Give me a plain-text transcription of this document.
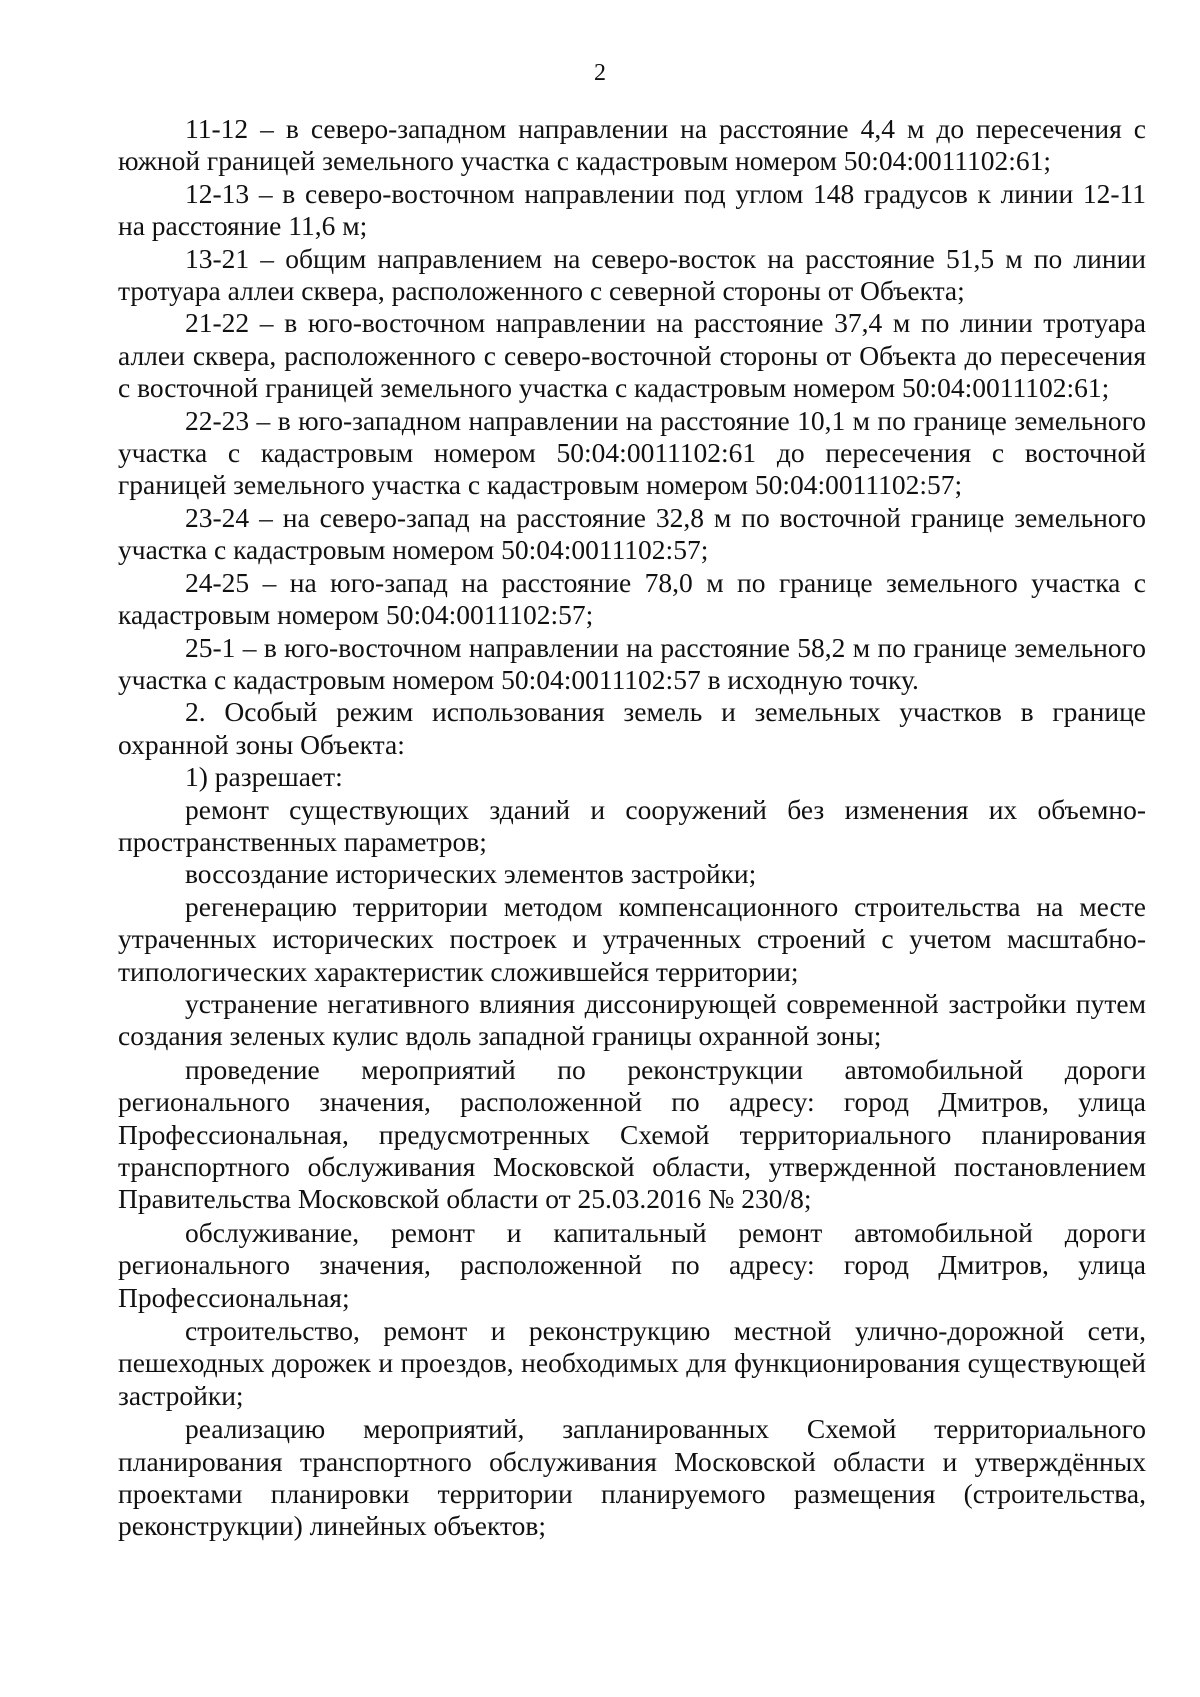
2

11-12 – в северо-западном направлении на расстояние 4,4 м до пересечения с южной границей земельного участка с кадастровым номером 50:04:0011102:61;

12-13 – в северо-восточном направлении под углом 148 градусов к линии 12-11 на расстояние 11,6 м;

13-21 – общим направлением на северо-восток на расстояние 51,5 м по линии тротуара аллеи сквера, расположенного с северной стороны от Объекта;

21-22 – в юго-восточном направлении на расстояние 37,4 м по линии тротуара аллеи сквера, расположенного с северо-восточной стороны от Объекта до пересечения с восточной границей земельного участка с кадастровым номером 50:04:0011102:61;

22-23 – в юго-западном направлении на расстояние 10,1 м по границе земельного участка с кадастровым номером 50:04:0011102:61 до пересечения с восточной границей земельного участка с кадастровым номером 50:04:0011102:57;

23-24 – на северо-запад на расстояние 32,8 м по восточной границе земельного участка с кадастровым номером 50:04:0011102:57;

24-25 – на юго-запад на расстояние 78,0 м по границе земельного участка с кадастровым номером 50:04:0011102:57;

25-1 – в юго-восточном направлении на расстояние 58,2 м по границе земельного участка с кадастровым номером 50:04:0011102:57 в исходную точку.

2. Особый режим использования земель и земельных участков в границе охранной зоны Объекта:

1) разрешает:

ремонт существующих зданий и сооружений без изменения их объемно-пространственных параметров;

воссоздание исторических элементов застройки;

регенерацию территории методом компенсационного строительства на месте утраченных исторических построек и утраченных строений с учетом масштабно-типологических характеристик сложившейся территории;

устранение негативного влияния диссонирующей современной застройки путем создания зеленых кулис вдоль западной границы охранной зоны;

проведение мероприятий по реконструкции автомобильной дороги регионального значения, расположенной по адресу: город Дмитров, улица Профессиональная, предусмотренных Схемой территориального планирования транспортного обслуживания Московской области, утвержденной постановлением Правительства Московской области от 25.03.2016 № 230/8;

обслуживание, ремонт и капитальный ремонт автомобильной дороги регионального значения, расположенной по адресу: город Дмитров, улица Профессиональная;

строительство, ремонт и реконструкцию местной улично-дорожной сети, пешеходных дорожек и проездов, необходимых для функционирования существующей застройки;

реализацию мероприятий, запланированных Схемой территориального планирования транспортного обслуживания Московской области и утверждённых проектами планировки территории планируемого размещения (строительства, реконструкции) линейных объектов;
